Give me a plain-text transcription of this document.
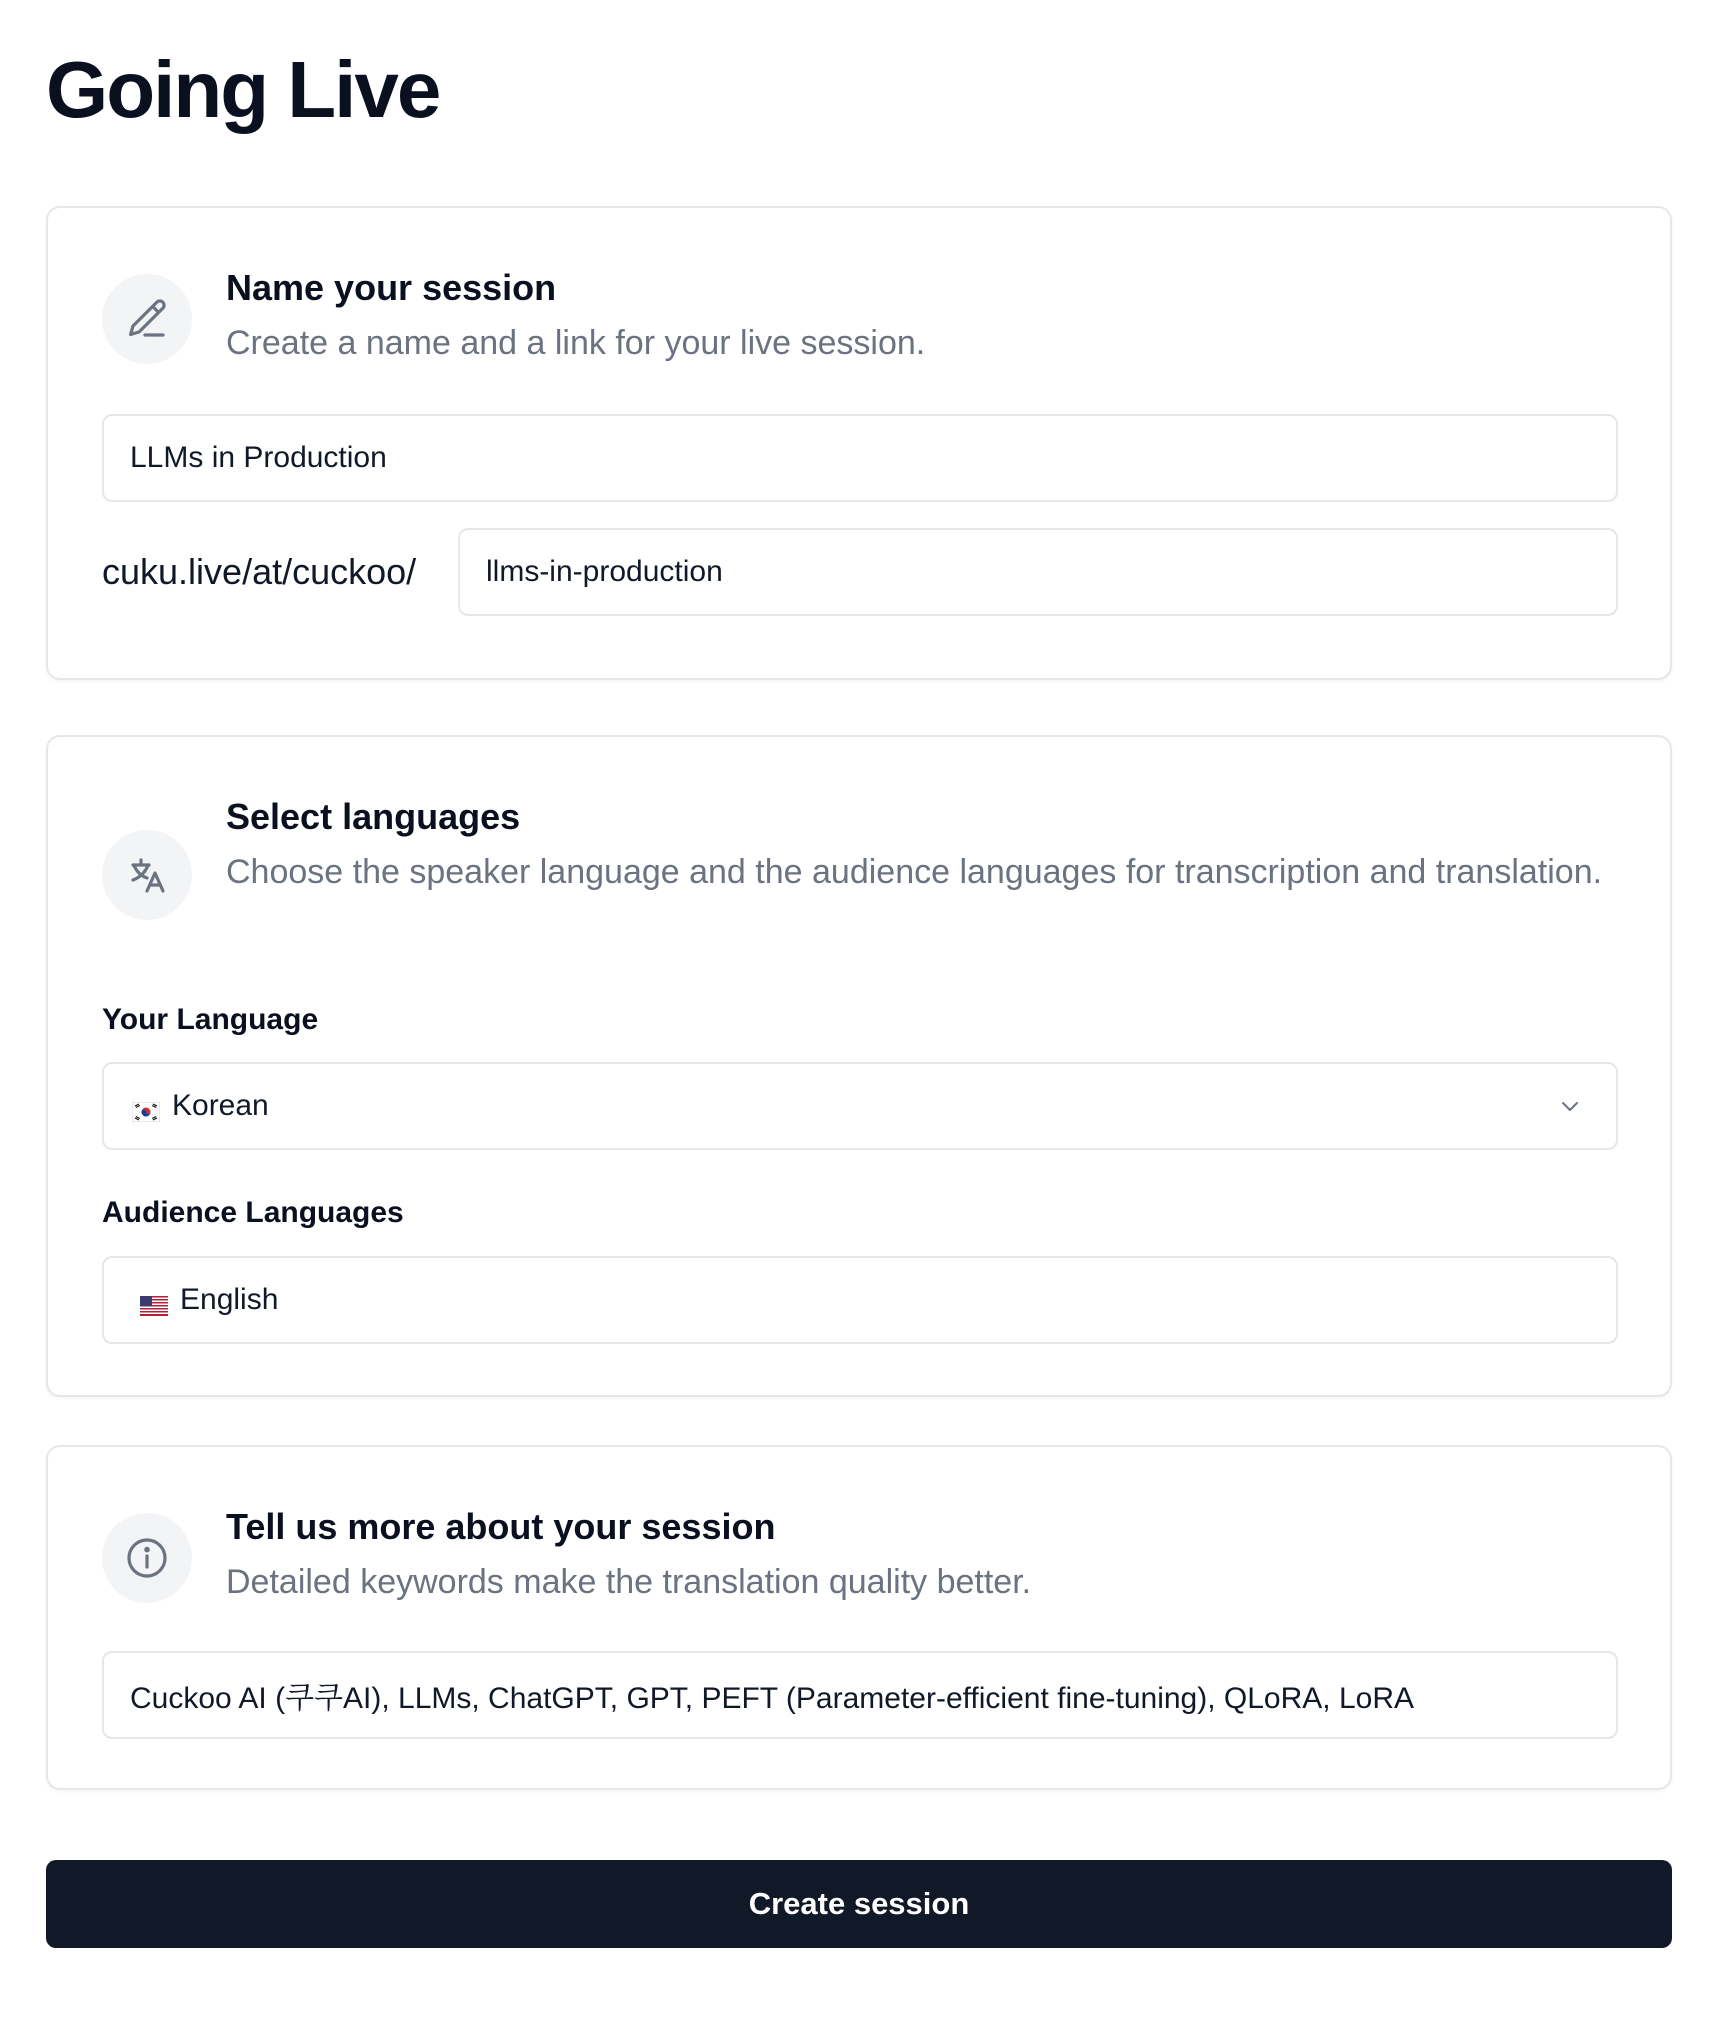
Going Live
Name your session
Create a name and a link for your live session.
LLMs in Production
cuku.live/at/cuckoo/
llms-in-production
Select languages
Choose the speaker language and the audience languages for transcription and translation.
Your Language
Korean
Audience Languages
English
Tell us more about your session
Detailed keywords make the translation quality better.
Cuckoo AI (쿠쿠AI), LLMs, ChatGPT, GPT, PEFT (Parameter-efficient fine-tuning), QLoRA, LoRA
Create session
